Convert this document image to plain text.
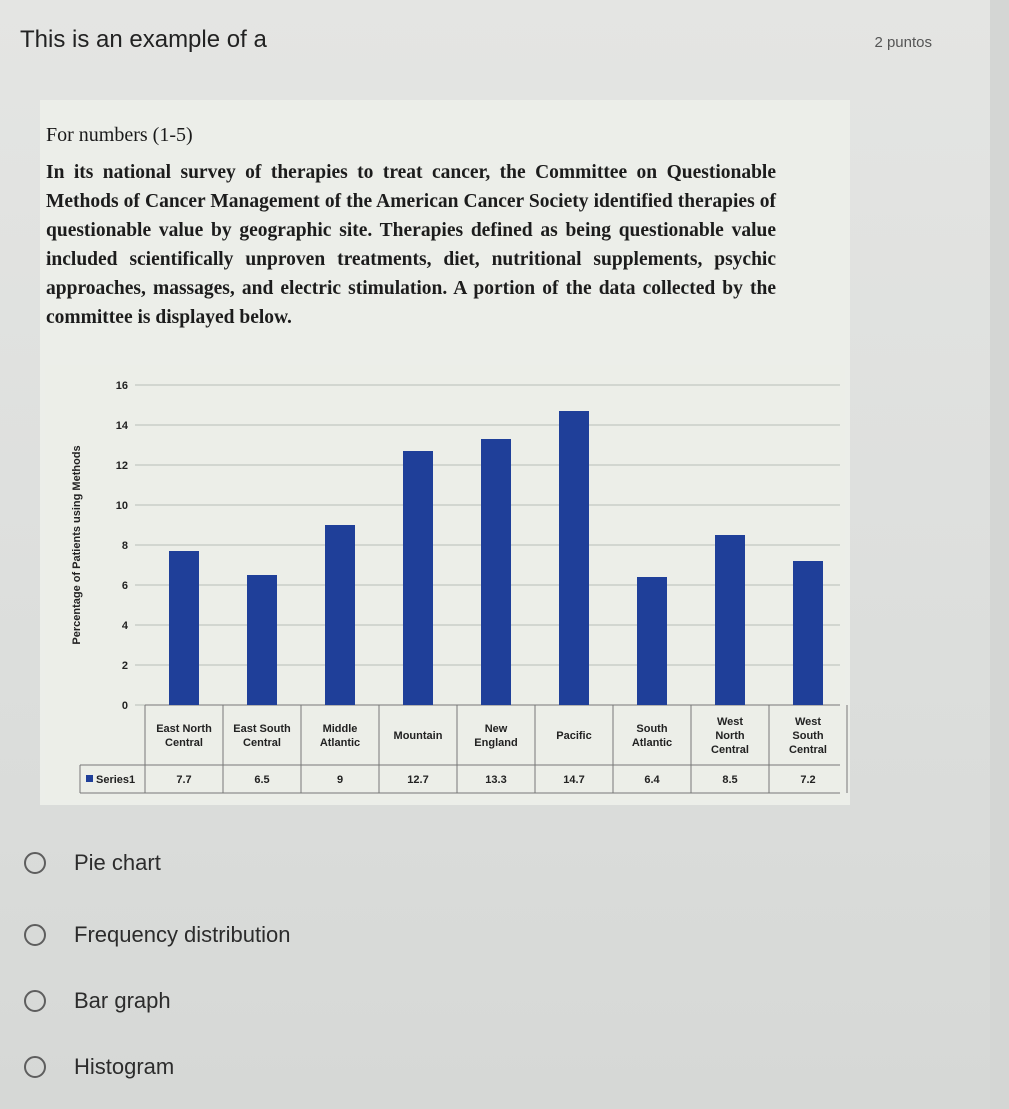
This is an example of a	2 puntos
For numbers (1-5)

In its national survey of therapies to treat cancer, the Committee on Questionable Methods of Cancer Management of the American Cancer Society identified therapies of questionable value by geographic site. Therapies defined as being questionable value included scientifically unproven treatments, diet, nutritional supplements, psychic approaches, massages, and electric stimulation. A portion of the data collected by the committee is displayed below.

0
2
4
6
8
10
12
14
16
Percentage of Patients using Methods
East North
Central
7.7
East South
Central
6.5
Middle
Atlantic
9
Mountain
12.7
New
England
13.3
Pacific
14.7
South
Atlantic
6.4
West
North
Central
8.5
West
South
Central
7.2
Series1
Pie chart
Frequency distribution
Bar graph
Histogram
